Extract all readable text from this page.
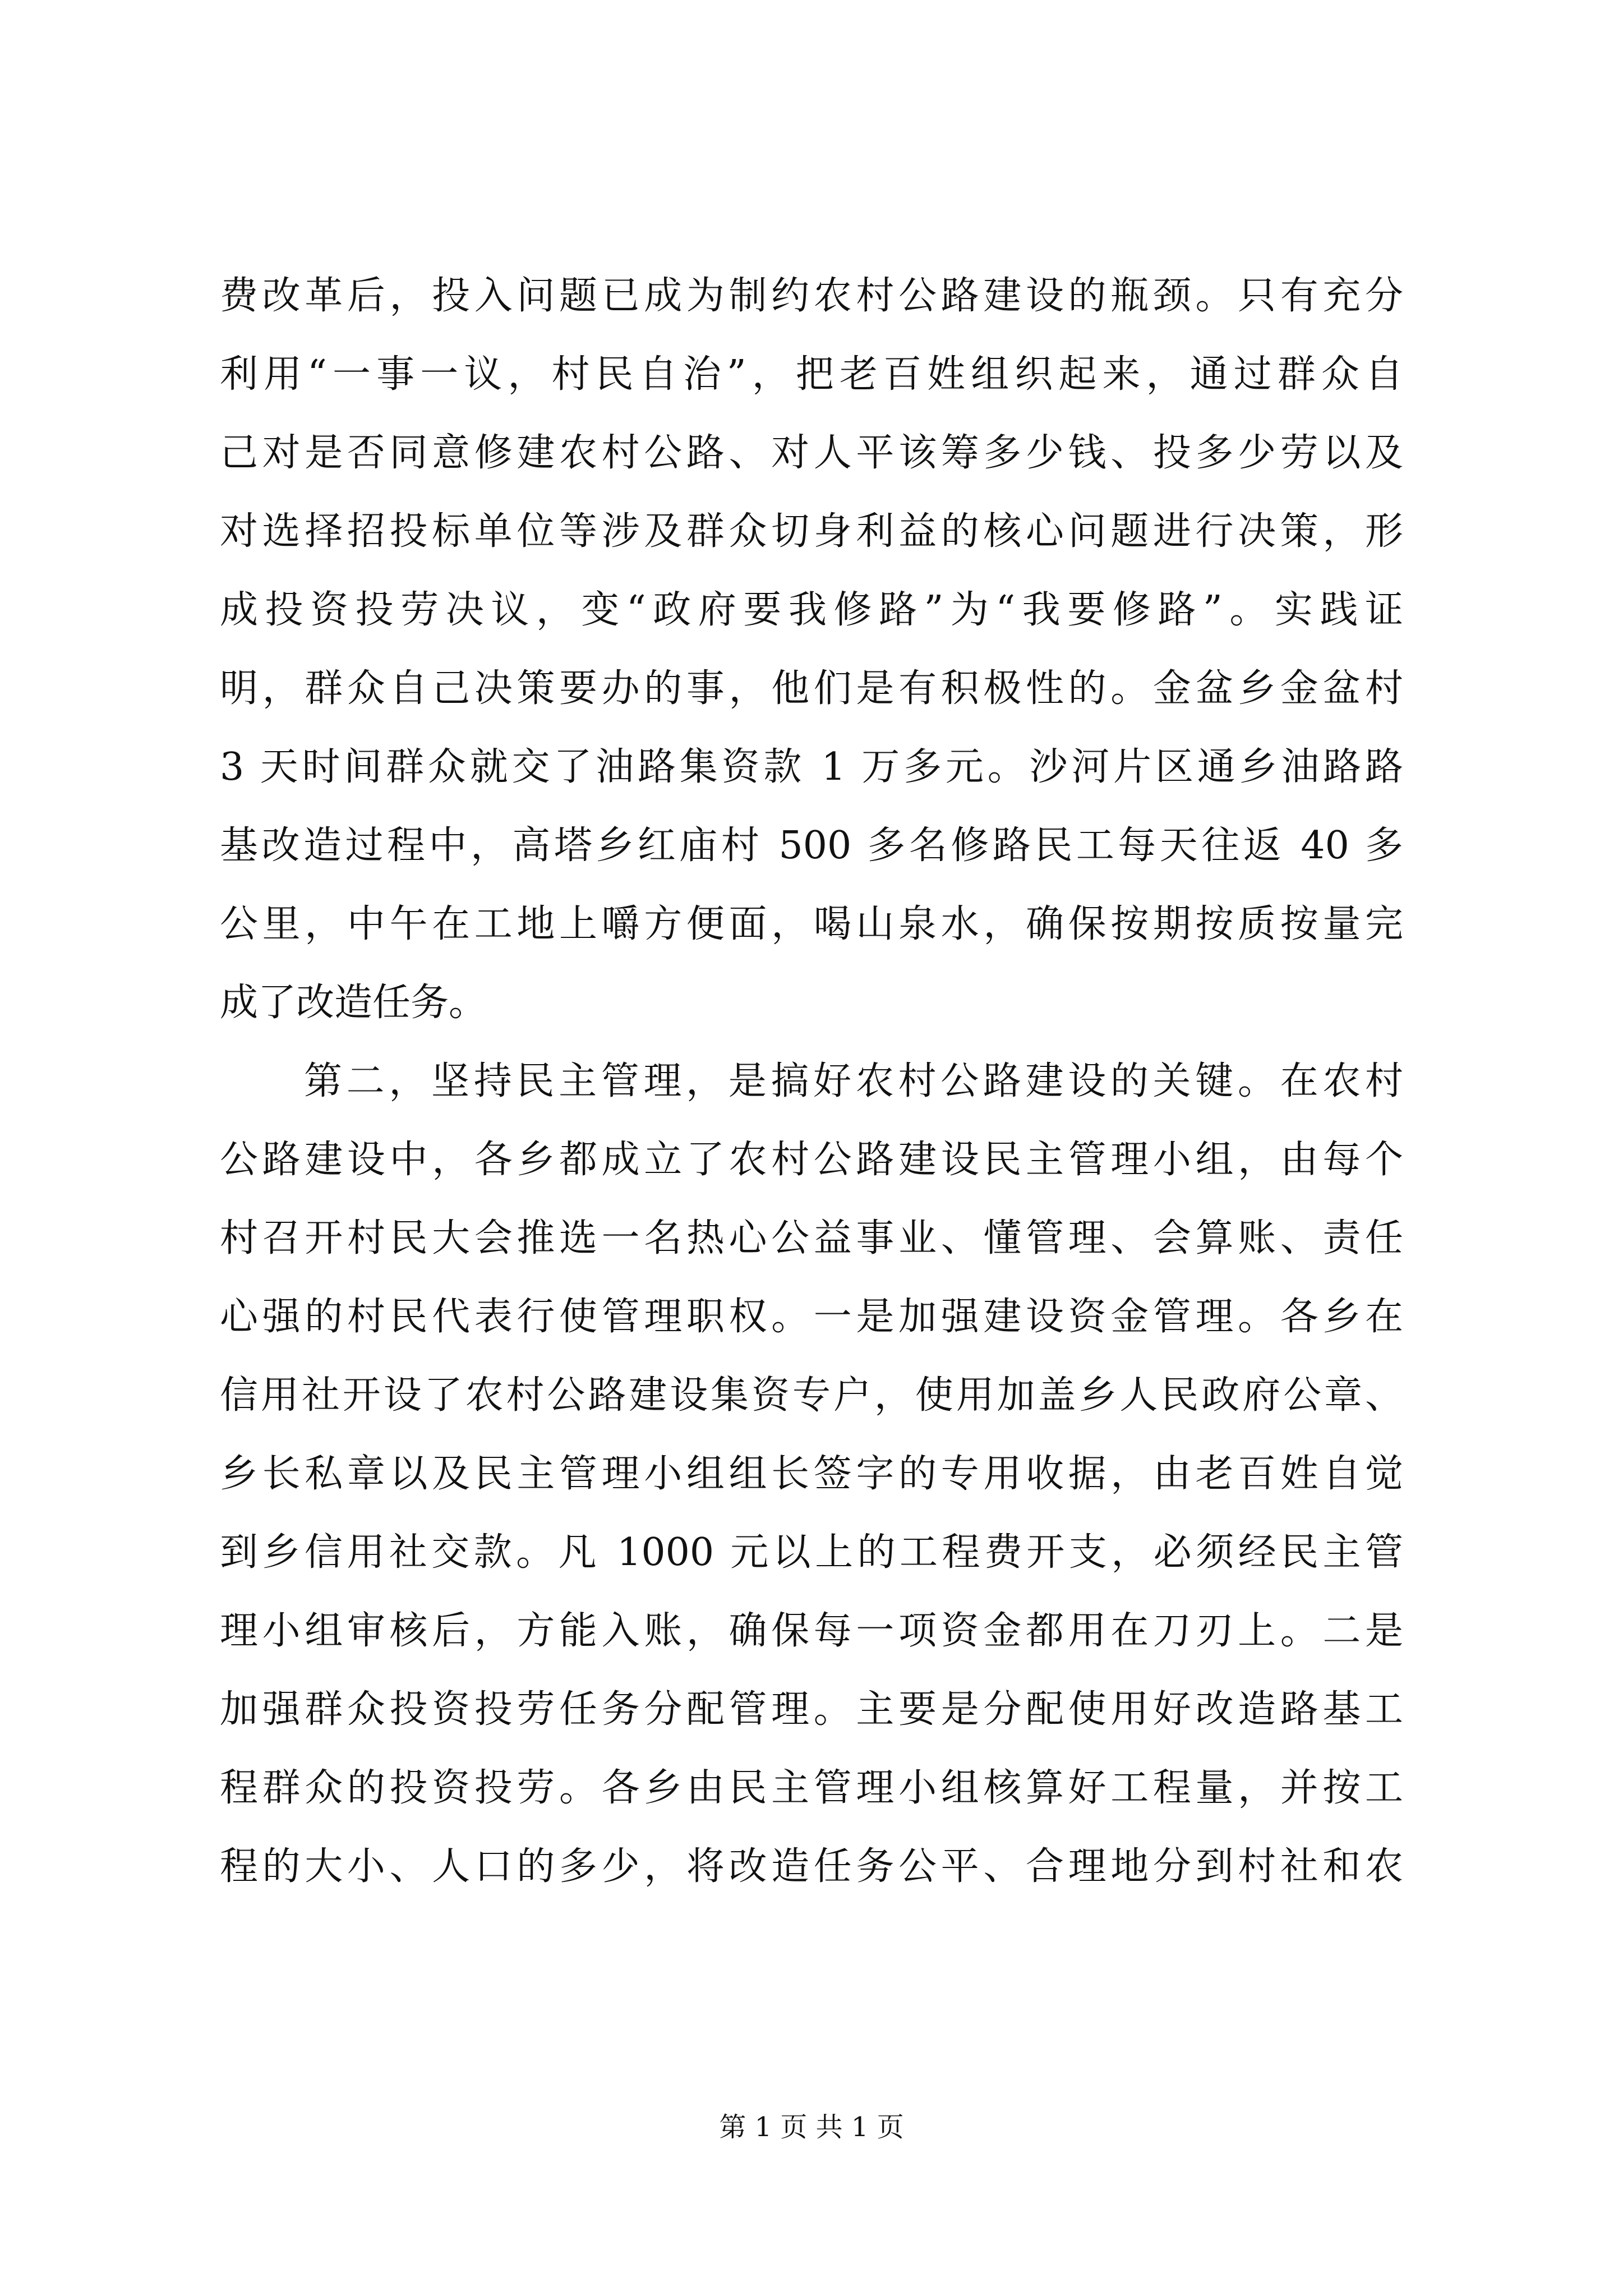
费改革后，投入问题已成为制约农村公路建设的瓶颈。只有充分
利用“一事一议，村民自治”，把老百姓组织起来，通过群众自
己对是否同意修建农村公路、对人平该筹多少钱、投多少劳以及
对选择招投标单位等涉及群众切身利益的核心问题进行决策，形
成投资投劳决议，变“政府要我修路”为“我要修路”。实践证
明，群众自己决策要办的事，他们是有积极性的。金盆乡金盆村
3 天时间群众就交了油路集资款 1 万多元。沙河片区通乡油路路
基改造过程中，高塔乡红庙村 500 多名修路民工每天往返 40 多
公里，中午在工地上嚼方便面，喝山泉水，确保按期按质按量完
成了改造任务。
第二，坚持民主管理，是搞好农村公路建设的关键。在农村
公路建设中，各乡都成立了农村公路建设民主管理小组，由每个
村召开村民大会推选一名热心公益事业、懂管理、会算账、责任
心强的村民代表行使管理职权。一是加强建设资金管理。各乡在
信用社开设了农村公路建设集资专户，使用加盖乡人民政府公章、
乡长私章以及民主管理小组组长签字的专用收据，由老百姓自觉
到乡信用社交款。凡 1000 元以上的工程费开支，必须经民主管
理小组审核后，方能入账，确保每一项资金都用在刀刃上。二是
加强群众投资投劳任务分配管理。主要是分配使用好改造路基工
程群众的投资投劳。各乡由民主管理小组核算好工程量，并按工
程的大小、人口的多少，将改造任务公平、合理地分到村社和农
第 1 页 共 1 页
